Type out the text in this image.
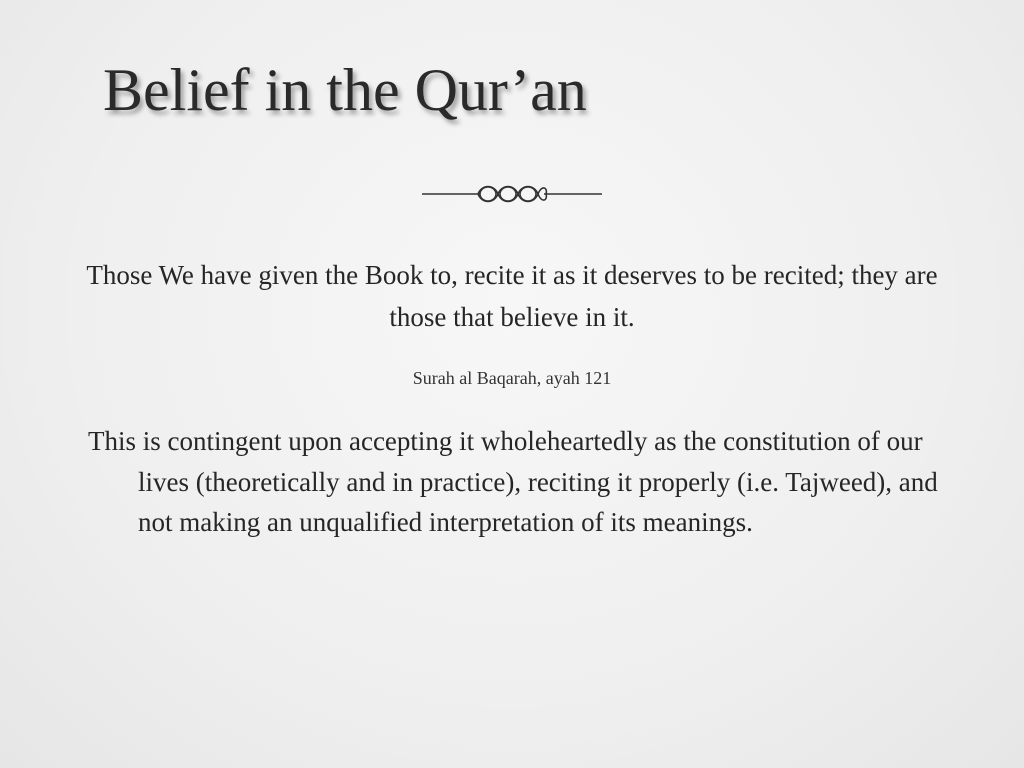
Belief in the Qur’an

Those We have given the Book to, recite it as it deserves to be recited; they are those that believe in it.

Surah al Baqarah, ayah 121

This is contingent upon accepting it wholeheartedly as the constitution of our lives (theoretically and in practice), reciting it properly (i.e. Tajweed), and not making an unqualified interpretation of its meanings.
